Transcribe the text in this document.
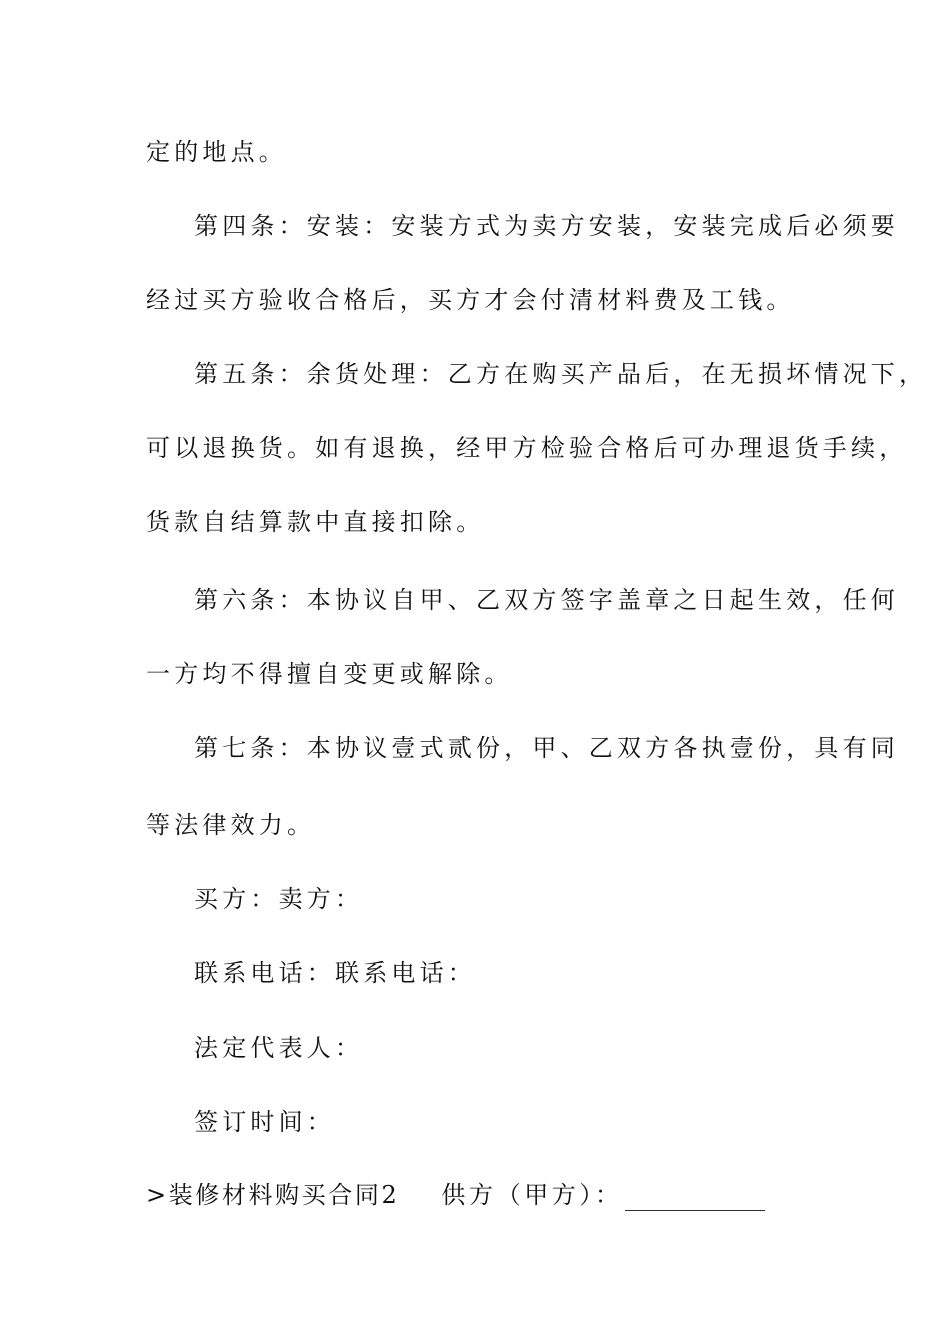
定的地点。
第四条：安装：安装方式为卖方安装，安装完成后必须要
经过买方验收合格后，买方才会付清材料费及工钱。
第五条：余货处理：乙方在购买产品后，在无损坏情况下，
可以退换货。如有退换，经甲方检验合格后可办理退货手续，
货款自结算款中直接扣除。
第六条：本协议自甲、乙双方签字盖章之日起生效，任何
一方均不得擅自变更或解除。
第七条：本协议壹式贰份，甲、乙双方各执壹份，具有同
等法律效力。
买方：卖方：
联系电话：联系电话：
法定代表人：
签订时间：
>装修材料购买合同2 供方（甲方）：
